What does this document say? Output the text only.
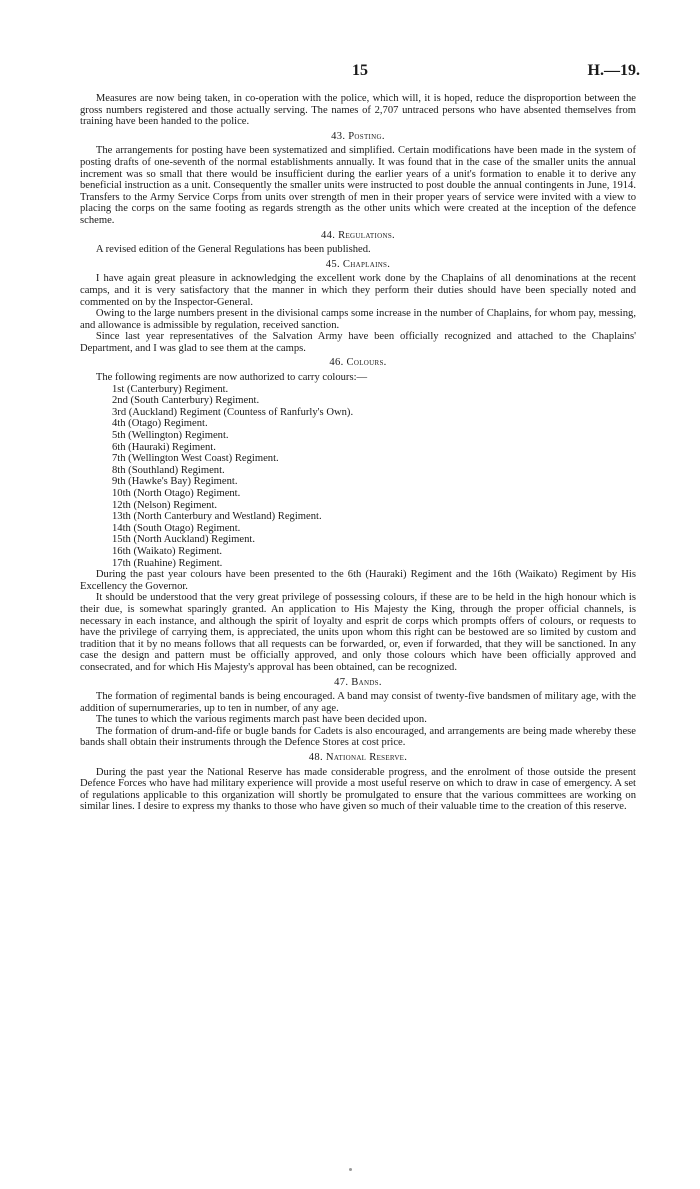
15	H.—19.

Measures are now being taken, in co-operation with the police, which will, it is hoped, reduce the disproportion between the gross numbers registered and those actually serving. The names of 2,707 untraced persons who have absented themselves from training have been handed to the police.

43. Posting.

The arrangements for posting have been systematized and simplified. Certain modifications have been made in the system of posting drafts of one-seventh of the normal establishments annually. It was found that in the case of the smaller units the annual increment was so small that there would be insufficient during the earlier years of a unit's formation to enable it to derive any beneficial instruction as a unit. Consequently the smaller units were instructed to post double the annual contingents in June, 1914. Transfers to the Army Service Corps from units over strength of men in their proper years of service were invited with a view to placing the corps on the same footing as regards strength as the other units which were created at the inception of the defence scheme.

44. Regulations.

A revised edition of the General Regulations has been published.

45. Chaplains.

I have again great pleasure in acknowledging the excellent work done by the Chaplains of all denominations at the recent camps, and it is very satisfactory that the manner in which they perform their duties should have been specially noted and commented on by the Inspector-General.

Owing to the large numbers present in the divisional camps some increase in the number of Chaplains, for whom pay, messing, and allowance is admissible by regulation, received sanction.

Since last year representatives of the Salvation Army have been officially recognized and attached to the Chaplains' Department, and I was glad to see them at the camps.

46. Colours.

The following regiments are now authorized to carry colours:—

1st (Canterbury) Regiment.
2nd (South Canterbury) Regiment.
3rd (Auckland) Regiment (Countess of Ranfurly's Own).
4th (Otago) Regiment.
5th (Wellington) Regiment.
6th (Hauraki) Regiment.
7th (Wellington West Coast) Regiment.
8th (Southland) Regiment.
9th (Hawke's Bay) Regiment.
10th (North Otago) Regiment.
12th (Nelson) Regiment.
13th (North Canterbury and Westland) Regiment.
14th (South Otago) Regiment.
15th (North Auckland) Regiment.
16th (Waikato) Regiment.
17th (Ruahine) Regiment.

During the past year colours have been presented to the 6th (Hauraki) Regiment and the 16th (Waikato) Regiment by His Excellency the Governor.

It should be understood that the very great privilege of possessing colours, if these are to be held in the high honour which is their due, is somewhat sparingly granted. An application to His Majesty the King, through the proper official channels, is necessary in each instance, and although the spirit of loyalty and esprit de corps which prompts offers of colours, or requests to have the privilege of carrying them, is appreciated, the units upon whom this right can be bestowed are so limited by custom and tradition that it by no means follows that all requests can be forwarded, or, even if forwarded, that they will be sanctioned. In any case the design and pattern must be officially approved, and only those colours which have been officially approved and consecrated, and for which His Majesty's approval has been obtained, can be recognized.

47. Bands.

The formation of regimental bands is being encouraged. A band may consist of twenty-five bandsmen of military age, with the addition of supernumeraries, up to ten in number, of any age.

The tunes to which the various regiments march past have been decided upon.

The formation of drum-and-fife or bugle bands for Cadets is also encouraged, and arrangements are being made whereby these bands shall obtain their instruments through the Defence Stores at cost price.

48. National Reserve.

During the past year the National Reserve has made considerable progress, and the enrolment of those outside the present Defence Forces who have had military experience will provide a most useful reserve on which to draw in case of emergency. A set of regulations applicable to this organization will shortly be promulgated to ensure that the various committees are working on similar lines. I desire to express my thanks to those who have given so much of their valuable time to the creation of this reserve.
